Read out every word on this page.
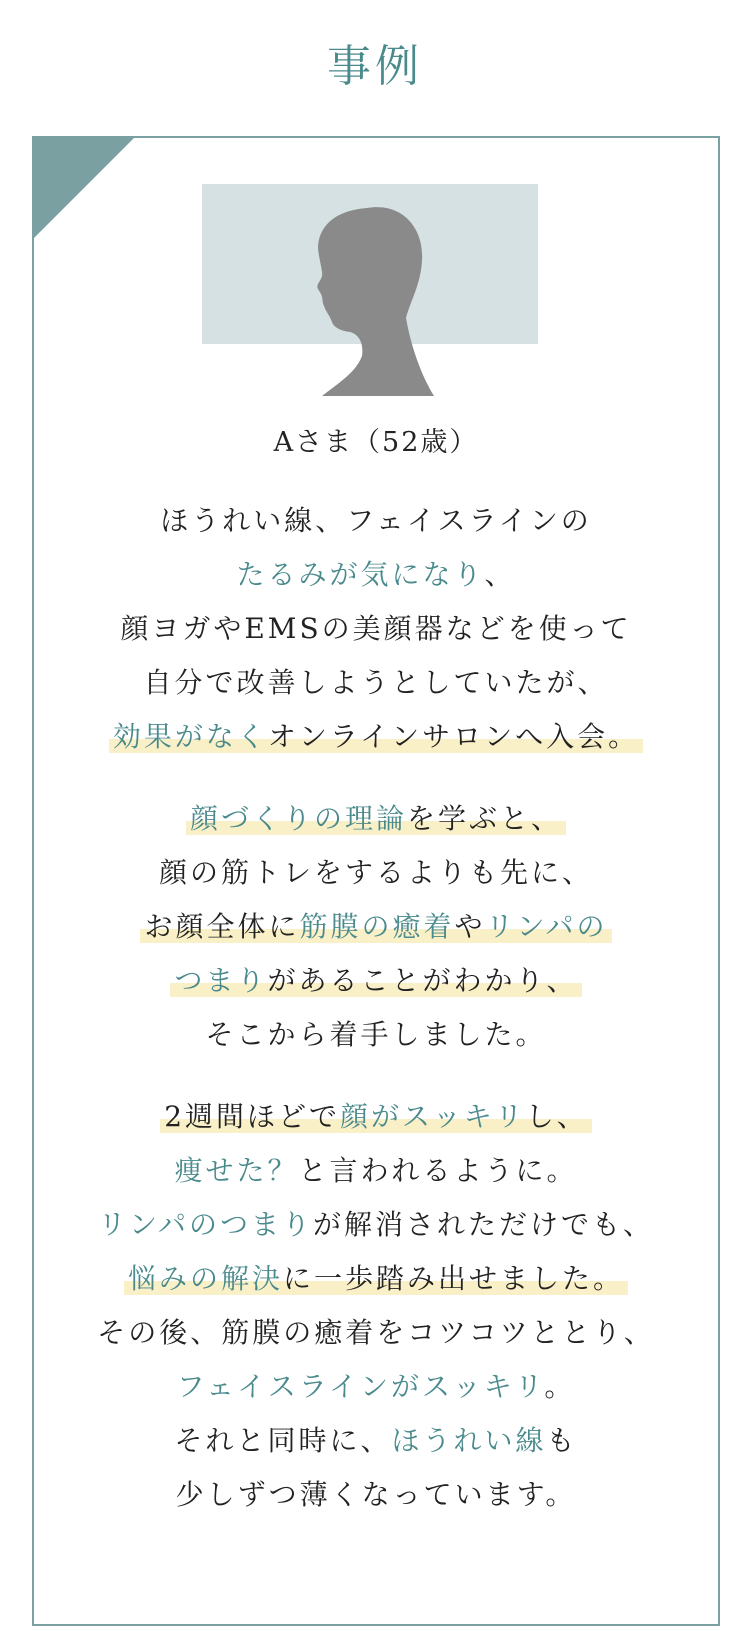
事例
Aさま（52歳）
ほうれい線、フェイスラインの
たるみが気になり、
顔ヨガやEMSの美顔器などを使って
自分で改善しようとしていたが、
効果がなくオンラインサロンへ入会。
顔づくりの理論を学ぶと、
顔の筋トレをするよりも先に、
お顔全体に筋膜の癒着やリンパの
つまりがあることがわかり、
そこから着手しました。
2週間ほどで顔がスッキリし、
痩せた？と言われるように。
リンパのつまりが解消されただけでも、
悩みの解決に一歩踏み出せました。
その後、筋膜の癒着をコツコツととり、
フェイスラインがスッキリ。
それと同時に、ほうれい線も
少しずつ薄くなっています。
